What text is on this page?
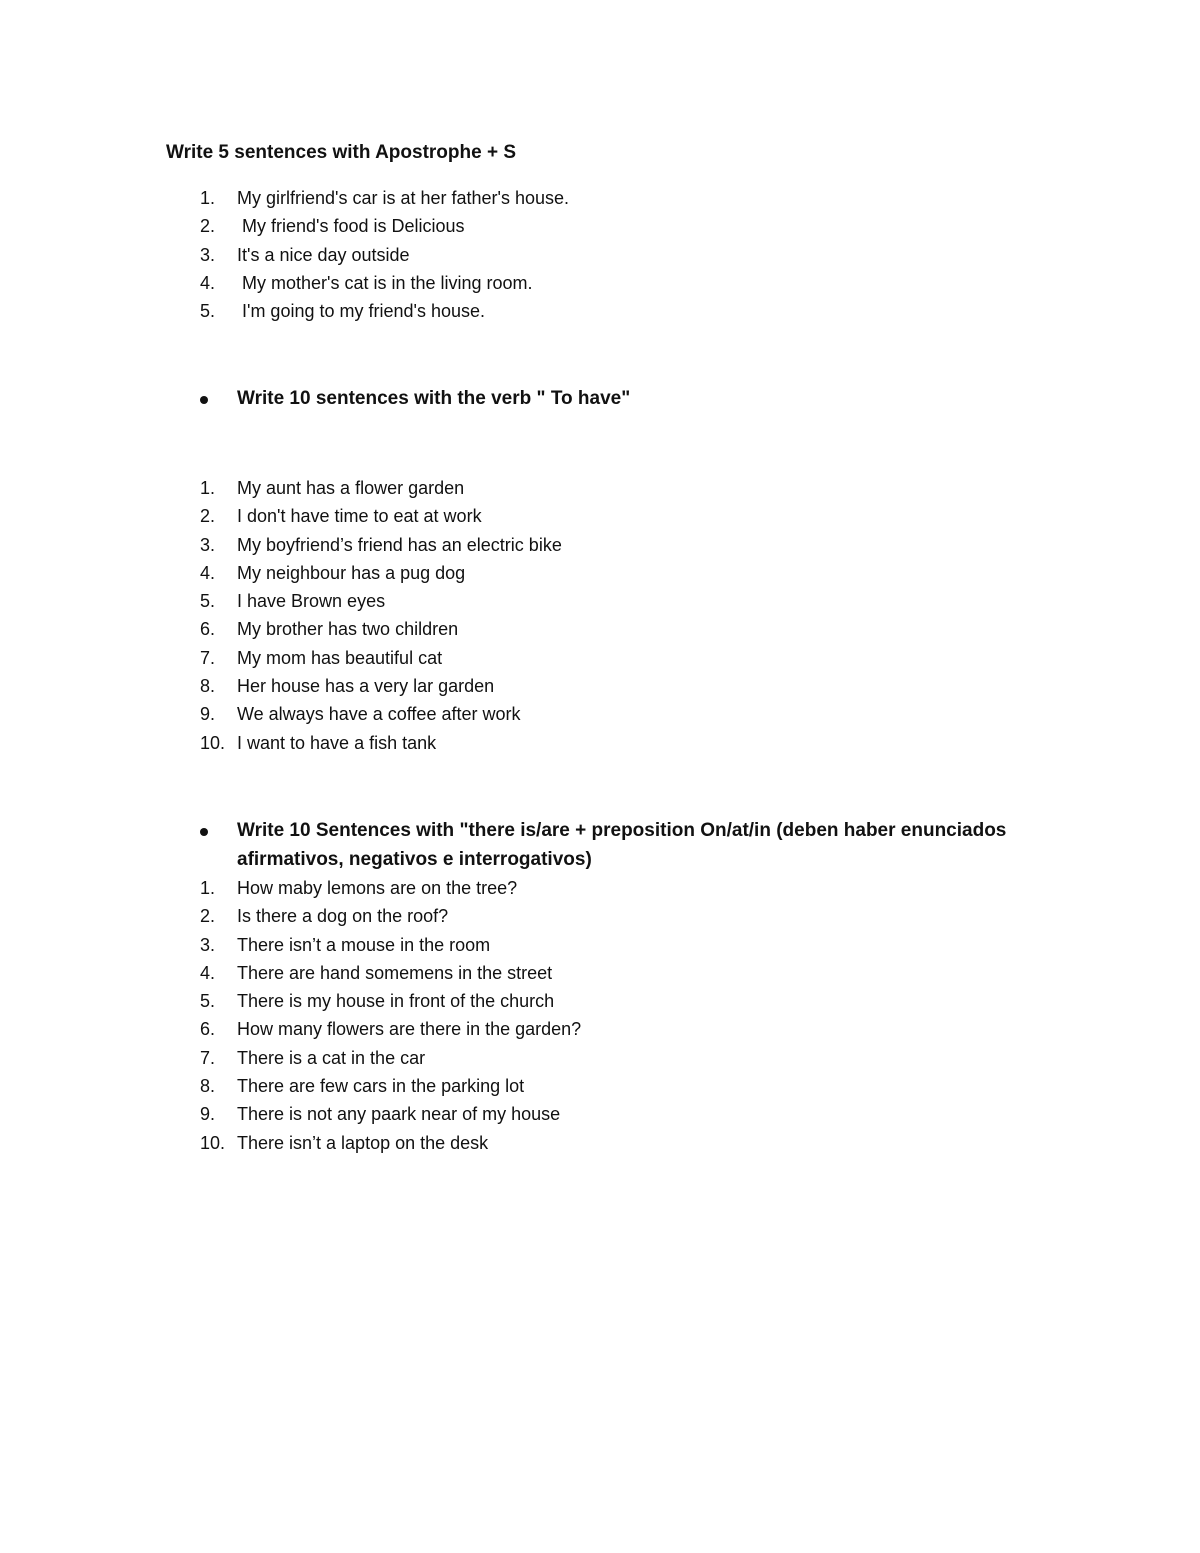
Write 5 sentences with Apostrophe + S
1.	My girlfriend's car is at her father's house.
2.	My friend's food is Delicious
3.	It's a nice day outside
4.	My mother's cat is in the living room.
5.	I'm going to my friend's house.
Write 10 sentences with the verb " To have"
1.	My aunt has a flower garden
2.	I don't have time to eat at work
3.	My boyfriend’s friend has an electric bike
4.	My neighbour has a pug dog
5.	I have Brown eyes
6.	My brother has two children
7.	My mom has beautiful cat
8.	Her house has a very lar garden
9.	We always have a coffee after work
10. I want to have a fish tank
Write 10 Sentences with "there is/are + preposition On/at/in (deben haber enunciados afirmativos, negativos e interrogativos)
1.	How maby lemons are on the tree?
2.	Is there a dog on the roof?
3.	There isn’t a mouse in the room
4.	There are hand somemens in the street
5.	There is my house in front of the church
6.	How many flowers are there in the garden?
7.	There is a cat in the car
8.	There are few cars in the parking lot
9.	There is not any paark near of my house
10. There isn’t a laptop on the desk
